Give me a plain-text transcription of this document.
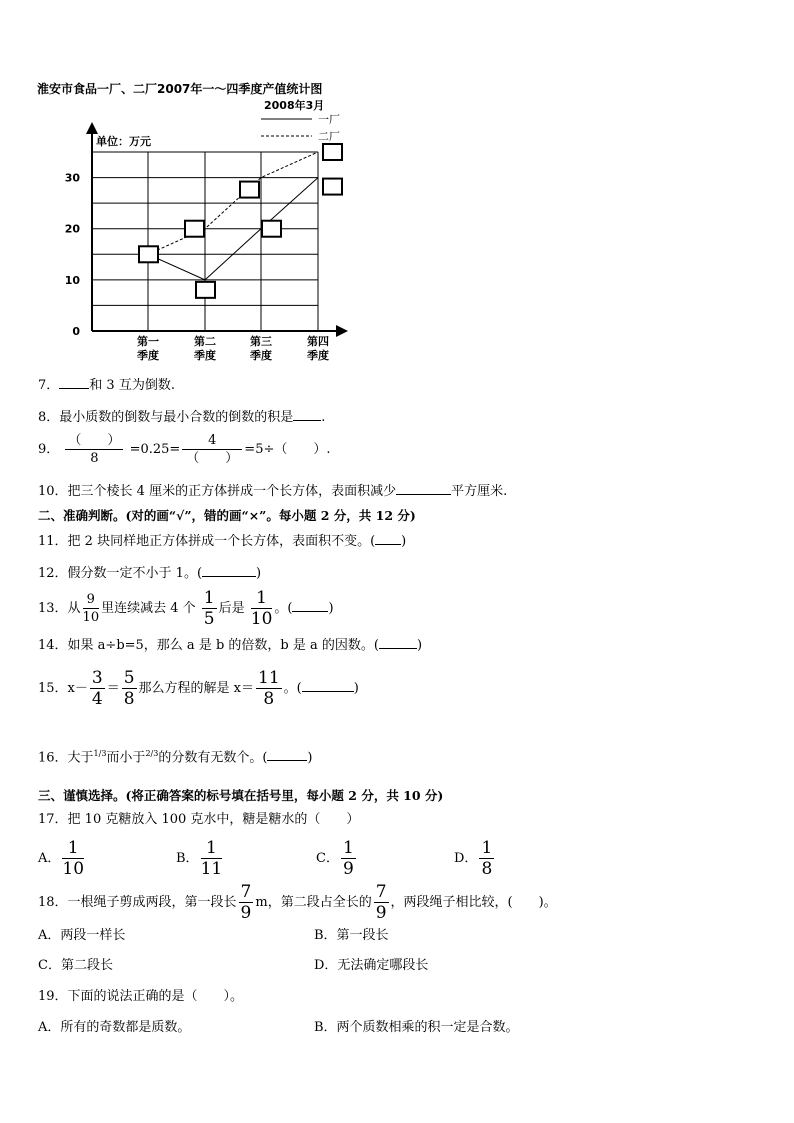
淮安市食品一厂、二厂2007年一～四季度产值统计图
2008年3月
一厂
二厂
单位：万元
0
10
20
30
第一
季度
第二
季度
第三
季度
第四
季度
7． 和 3 互为倒数.
8．最小质数的倒数与最小合数的倒数的积是 .
9． $\frac{( )}{8} =0.25= \frac{4}{( )} =5\div$（　　）.
10．把三个棱长 4 厘米的正方体拼成一个长方体，表面积减少	平方厘米.
二、准确判断。(对的画“√”，错的画“×”。每小题 2 分，共 12 分)
11．把 2 块同样地正方体拼成一个长方体，表面积不变。( )
12．假分数一定不小于 1。(	)
13．从 $\frac{9}{10}$ 里连续减去 4 个 $\frac{1}{5}$ 后是 $\frac{1}{10}$ 。(	)
14．如果 a÷b=5，那么 a 是 b 的倍数，b 是 a 的因数。(	)
15．$x- \frac{3}{4} = \frac{5}{8}$ 那么方程的解是 $x= \frac{11}{8}$ 。(	)
16．大于$^{1/3}$而小于$^{2/3}$的分数有无数个。(	)
三、谨慎选择。(将正确答案的标号填在括号里，每小题 2 分，共 10 分)
17．把 10 克糖放入 100 克水中，糖是糖水的（　　）
A． $\frac{1}{10}$	B． $\frac{1}{11}$	C． $\frac{1}{9}$	D． $\frac{1}{8}$
18．一根绳子剪成两段，第一段长 $\frac{7}{9}$ m，第二段占全长的 $\frac{7}{9}$ ，两段绳子相比较，(　　)。
A．两段一样长	B．第一段长
C．第二段长	D．无法确定哪段长
19．下面的说法正确的是（　　）。
A．所有的奇数都是质数。	B．两个质数相乘的积一定是合数。
